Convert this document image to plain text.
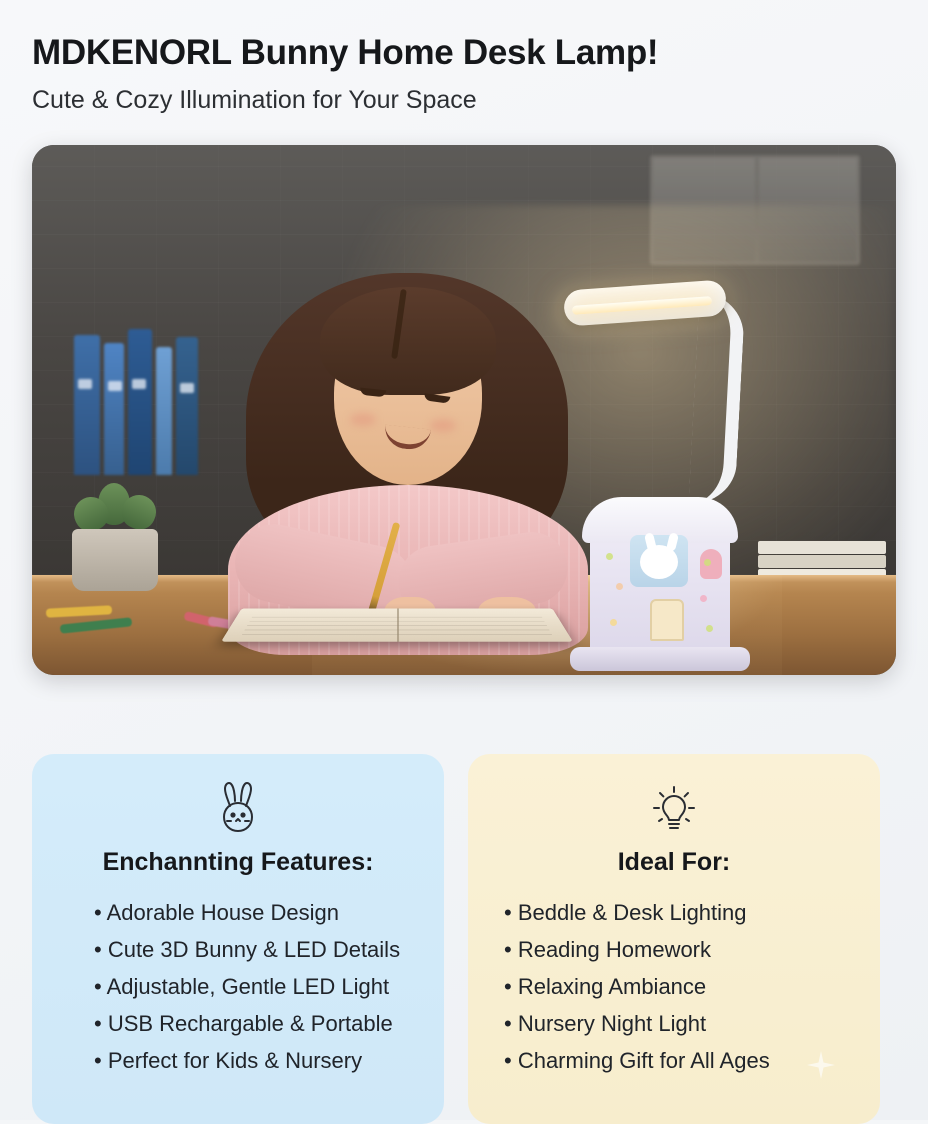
MDKENORL Bunny Home Desk Lamp!
Cute & Cozy Illumination for Your Space
Enchannting Features:
• Adorable House Design
• Cute 3D Bunny & LED Details
• Adjustable, Gentle LED Light
• USB Rechargable & Portable
• Perfect for Kids & Nursery
Ideal For:
• Beddle & Desk Lighting
• Reading Homework
• Relaxing Ambiance
• Nursery Night Light
• Charming Gift for All Ages
